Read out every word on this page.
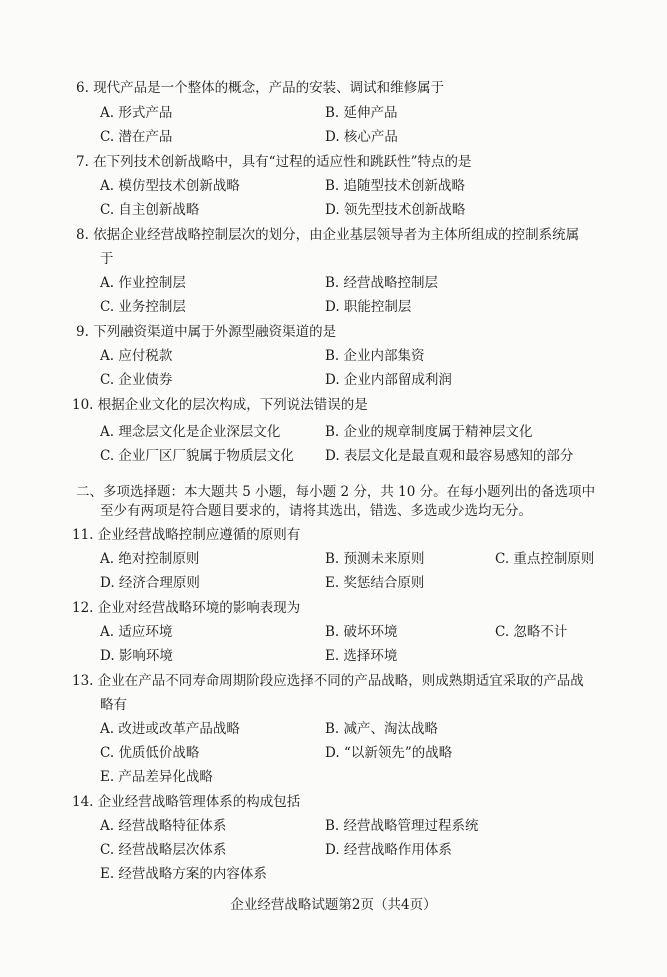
6. 现代产品是一个整体的概念，产品的安装、调试和维修属于
A. 形式产品	B. 延伸产品
C. 潜在产品	D. 核心产品
7. 在下列技术创新战略中，具有“过程的适应性和跳跃性”特点的是
A. 模仿型技术创新战略	B. 追随型技术创新战略
C. 自主创新战略	D. 领先型技术创新战略
8. 依据企业经营战略控制层次的划分，由企业基层领导者为主体所组成的控制系统属
于
A. 作业控制层	B. 经营战略控制层
C. 业务控制层	D. 职能控制层
9. 下列融资渠道中属于外源型融资渠道的是
A. 应付税款	B. 企业内部集资
C. 企业债券	D. 企业内部留成利润
10. 根据企业文化的层次构成，下列说法错误的是
A. 理念层文化是企业深层文化	B. 企业的规章制度属于精神层文化
C. 企业厂区厂貌属于物质层文化 D. 表层文化是最直观和最容易感知的部分
二、多项选择题：本大题共 5 小题，每小题 2 分，共 10 分。在每小题列出的备选项中
至少有两项是符合题目要求的，请将其选出，错选、多选或少选均无分。
11. 企业经营战略控制应遵循的原则有
A. 绝对控制原则	B. 预测未来原则	C. 重点控制原则
D. 经济合理原则	E. 奖惩结合原则
12. 企业对经营战略环境的影响表现为
A. 适应环境	B. 破坏环境	C. 忽略不计
D. 影响环境	E. 选择环境
13. 企业在产品不同寿命周期阶段应选择不同的产品战略，则成熟期适宜采取的产品战
略有
A. 改进或改革产品战略	B. 减产、淘汰战略
C. 优质低价战略	D. “以新领先”的战略
E. 产品差异化战略
14. 企业经营战略管理体系的构成包括
A. 经营战略特征体系	B. 经营战略管理过程系统
C. 经营战略层次体系	D. 经营战略作用体系
E. 经营战略方案的内容体系
企业经营战略试题第2页（共4页）
